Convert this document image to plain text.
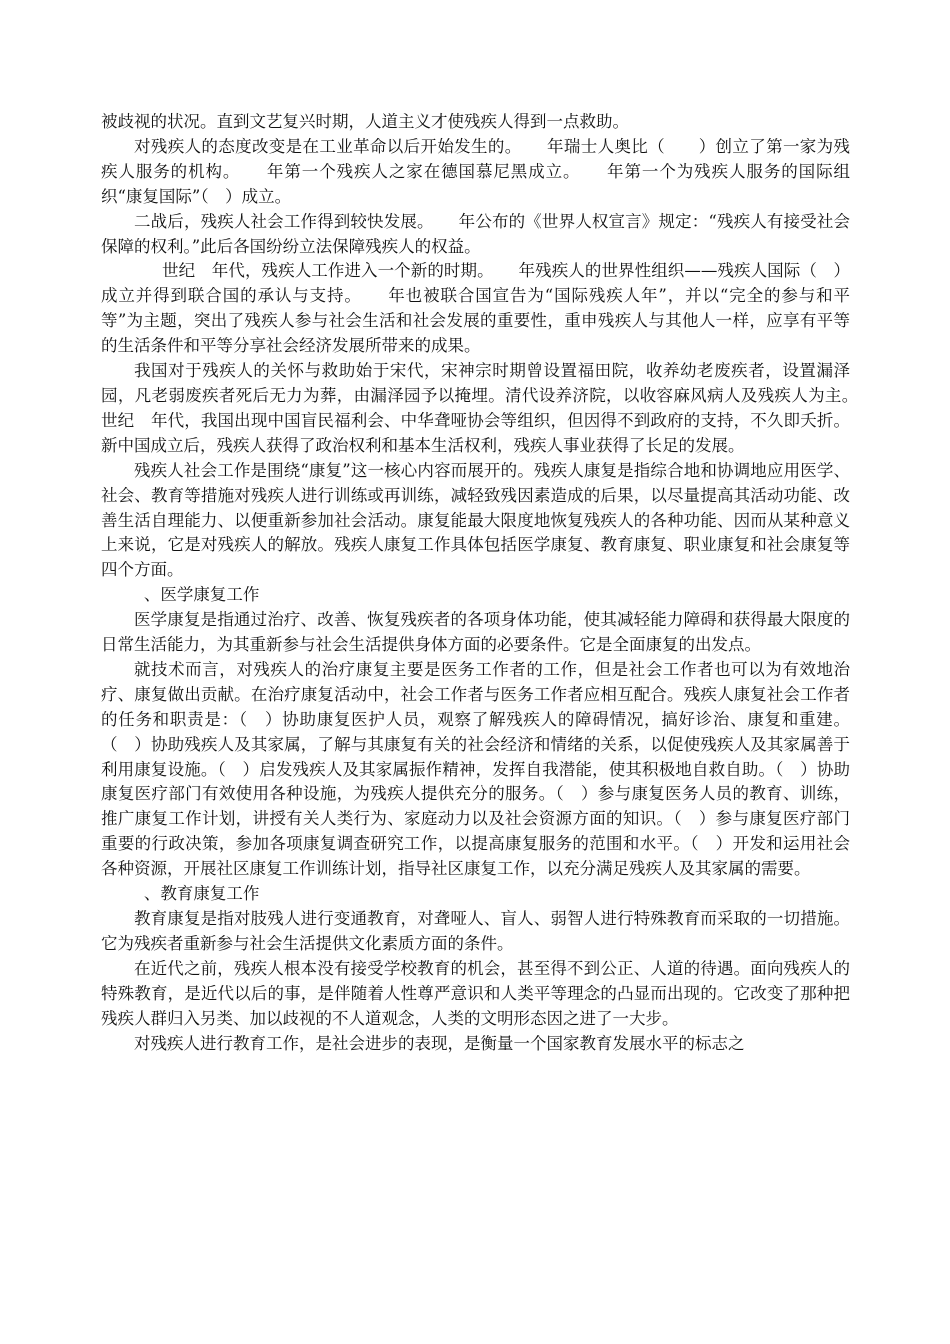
被歧视的状况。直到文艺复兴时期，人道主义才使残疾人得到一点救助。

对残疾人的态度改变是在工业革命以后开始发生的。　　年瑞士人奥比（　　）创立了第一家为残疾人服务的机构。　　年第一个残疾人之家在德国慕尼黑成立。　　年第一个为残疾人服务的国际组织“康复国际”（　）成立。

二战后，残疾人社会工作得到较快发展。　　年公布的《世界人权宣言》规定：“残疾人有接受社会保障的权利。”此后各国纷纷立法保障残疾人的权益。

世纪　年代，残疾人工作进入一个新的时期。　　年残疾人的世界性组织——残疾人国际（　）成立并得到联合国的承认与支持。　　年也被联合国宣告为“国际残疾人年”，并以“完全的参与和平等”为主题，突出了残疾人参与社会生活和社会发展的重要性，重申残疾人与其他人一样，应享有平等的生活条件和平等分享社会经济发展所带来的成果。

我国对于残疾人的关怀与救助始于宋代，宋神宗时期曾设置福田院，收养幼老废疾者，设置漏泽园，凡老弱废疾者死后无力为葬，由漏泽园予以掩埋。清代设养济院，以收容麻风病人及残疾人为主。　世纪　年代，我国出现中国盲民福利会、中华聋哑协会等组织，但因得不到政府的支持，不久即夭折。新中国成立后，残疾人获得了政治权利和基本生活权利，残疾人事业获得了长足的发展。

残疾人社会工作是围绕“康复”这一核心内容而展开的。残疾人康复是指综合地和协调地应用医学、社会、教育等措施对残疾人进行训练或再训练，减轻致残因素造成的后果，以尽量提高其活动功能、改善生活自理能力、以便重新参加社会活动。康复能最大限度地恢复残疾人的各种功能、因而从某种意义上来说，它是对残疾人的解放。残疾人康复工作具体包括医学康复、教育康复、职业康复和社会康复等四个方面。

、医学康复工作

医学康复是指通过治疗、改善、恢复残疾者的各项身体功能，使其减轻能力障碍和获得最大限度的日常生活能力，为其重新参与社会生活提供身体方面的必要条件。它是全面康复的出发点。

就技术而言，对残疾人的治疗康复主要是医务工作者的工作，但是社会工作者也可以为有效地治疗、康复做出贡献。在治疗康复活动中，社会工作者与医务工作者应相互配合。残疾人康复社会工作者的任务和职责是：（　）协助康复医护人员，观察了解残疾人的障碍情况，搞好诊治、康复和重建。（　）协助残疾人及其家属，了解与其康复有关的社会经济和情绪的关系，以促使残疾人及其家属善于利用康复设施。（　）启发残疾人及其家属振作精神，发挥自我潜能，使其积极地自救自助。（　）协助康复医疗部门有效使用各种设施，为残疾人提供充分的服务。（　）参与康复医务人员的教育、训练，推广康复工作计划，讲授有关人类行为、家庭动力以及社会资源方面的知识。（　）参与康复医疗部门重要的行政决策，参加各项康复调查研究工作，以提高康复服务的范围和水平。（　）开发和运用社会各种资源，开展社区康复工作训练计划，指导社区康复工作，以充分满足残疾人及其家属的需要。

、教育康复工作

教育康复是指对肢残人进行变通教育，对聋哑人、盲人、弱智人进行特殊教育而采取的一切措施。它为残疾者重新参与社会生活提供文化素质方面的条件。

在近代之前，残疾人根本没有接受学校教育的机会，甚至得不到公正、人道的待遇。面向残疾人的特殊教育，是近代以后的事，是伴随着人性尊严意识和人类平等理念的凸显而出现的。它改变了那种把残疾人群归入另类、加以歧视的不人道观念，人类的文明形态因之进了一大步。

对残疾人进行教育工作，是社会进步的表现，是衡量一个国家教育发展水平的标志之
